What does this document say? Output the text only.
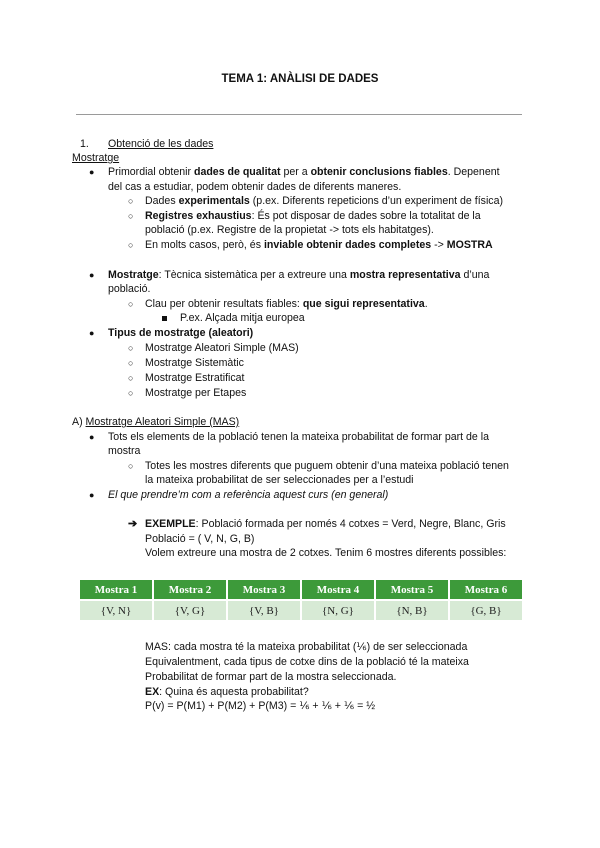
TEMA 1: ANÀLISI DE DADES
1. Obtenció de les dades
Mostratge
● Primordial obtenir dades de qualitat per a obtenir conclusions fiables. Depenent
del cas a estudiar, podem obtenir dades de diferents maneres.
○ Dades experimentals (p.ex. Diferents repeticions d’un experiment de física)
○ Registres exhaustius: És pot disposar de dades sobre la totalitat de la
població (p.ex. Registre de la propietat -> tots els habitatges).
○ En molts casos, però, és inviable obtenir dades completes -> MOSTRA
● Mostratge: Tècnica sistemàtica per a extreure una mostra representativa d’una
població.
○ Clau per obtenir resultats fiables: que sigui representativa.
P.ex. Alçada mitja europea
● Tipus de mostratge (aleatori)
○ Mostratge Aleatori Simple (MAS)
○ Mostratge Sistemàtic
○ Mostratge Estratificat
○ Mostratge per Etapes
A) Mostratge Aleatori Simple (MAS)
● Tots els elements de la població tenen la mateixa probabilitat de formar part de la
mostra
○ Totes les mostres diferents que puguem obtenir d’una mateixa població tenen
la mateixa probabilitat de ser seleccionades per a l’estudi
● El que prendre’m com a referència aquest curs (en general)
➔ EXEMPLE: Població formada per només 4 cotxes = Verd, Negre, Blanc, Gris
Població = ( V, N, G, B)
Volem extreure una mostra de 2 cotxes. Tenim 6 mostres diferents possibles:
Mostra 1	Mostra 2	Mostra 3	Mostra 4	Mostra 5	Mostra 6
{V, N}	{V, G}	{V, B}	{N, G}	{N, B}	{G, B}
MAS: cada mostra té la mateixa probabilitat (⅙) de ser seleccionada
Equivalentment, cada tipus de cotxe dins de la població té la mateixa
Probabilitat de formar part de la mostra seleccionada.
EX: Quina és aquesta probabilitat?
P(v) = P(M1) + P(M2) + P(M3) = ⅙ + ⅙ + ⅙ = ½
